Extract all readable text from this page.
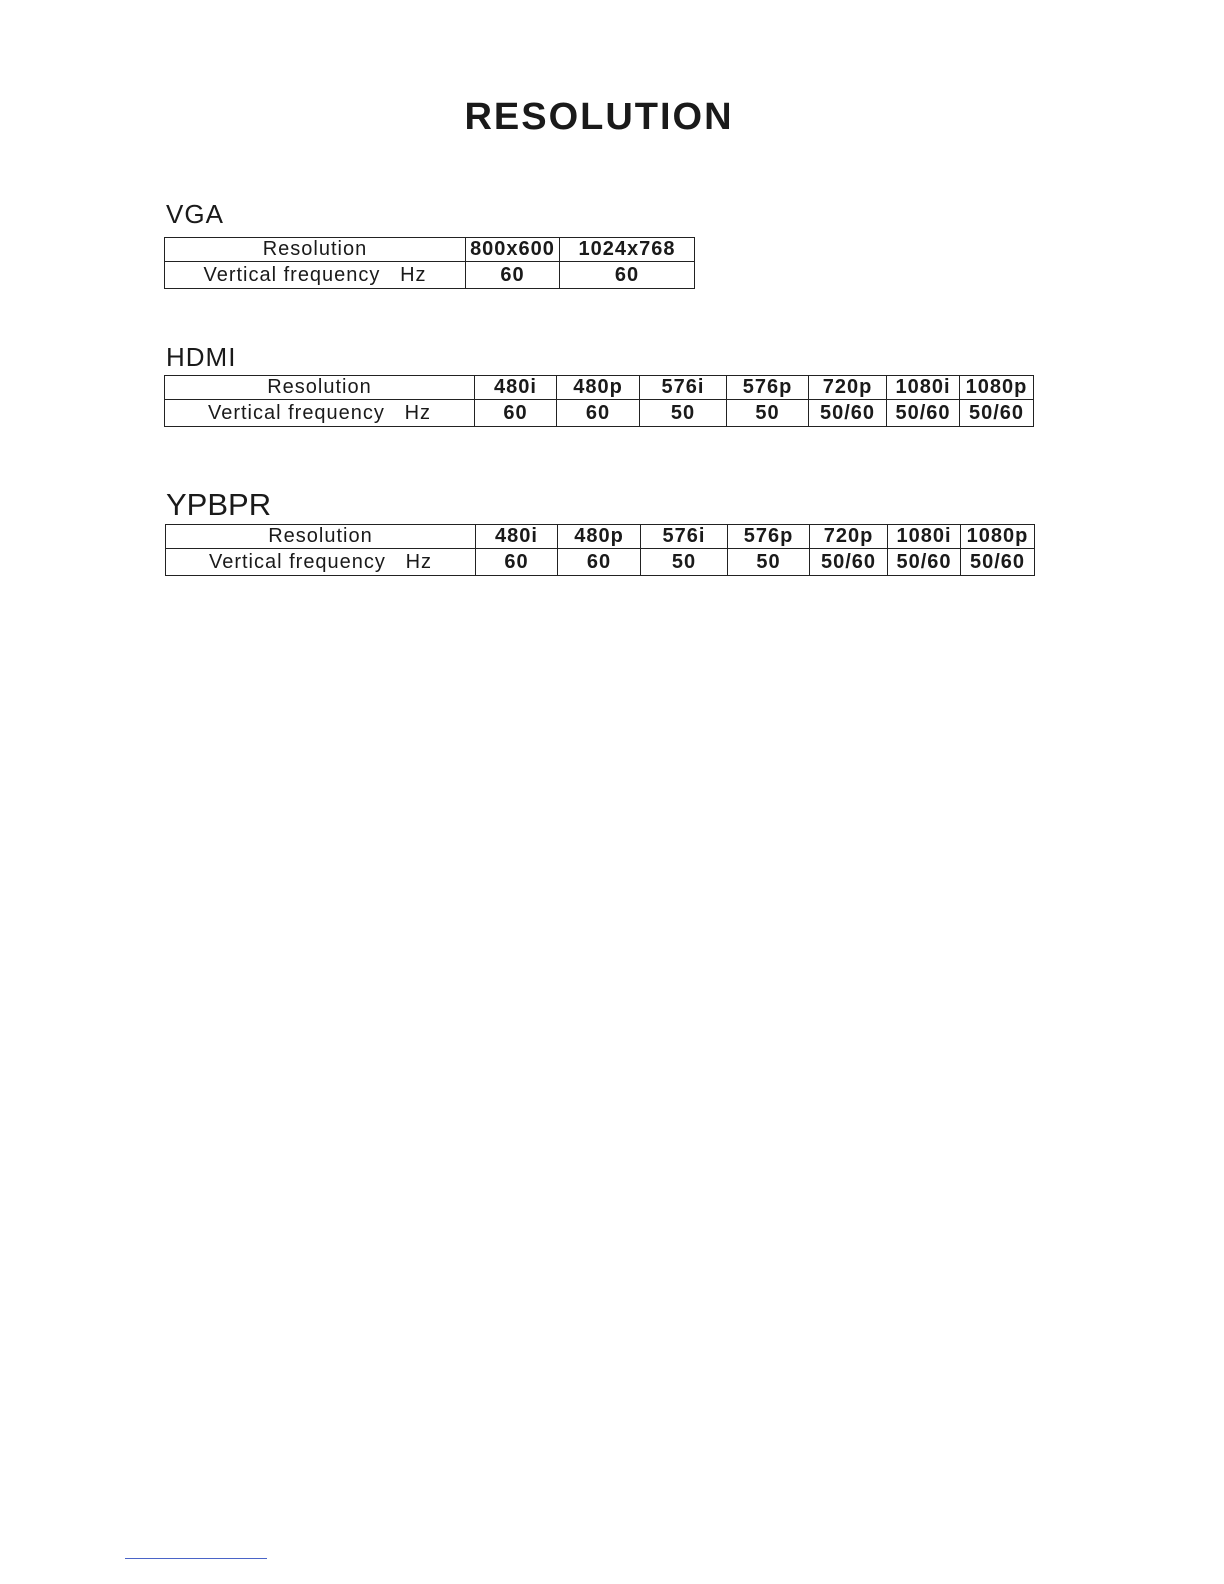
RESOLUTION
VGA
Resolution	800x600	1024x768
Vertical frequency   Hz	60	60
HDMI
Resolution	480i	480p	576i	576p	720p	1080i	1080p
Vertical frequency   Hz	60	60	50	50	50/60	50/60	50/60
YPBPR
Resolution	480i	480p	576i	576p	720p	1080i	1080p
Vertical frequency   Hz	60	60	50	50	50/60	50/60	50/60
